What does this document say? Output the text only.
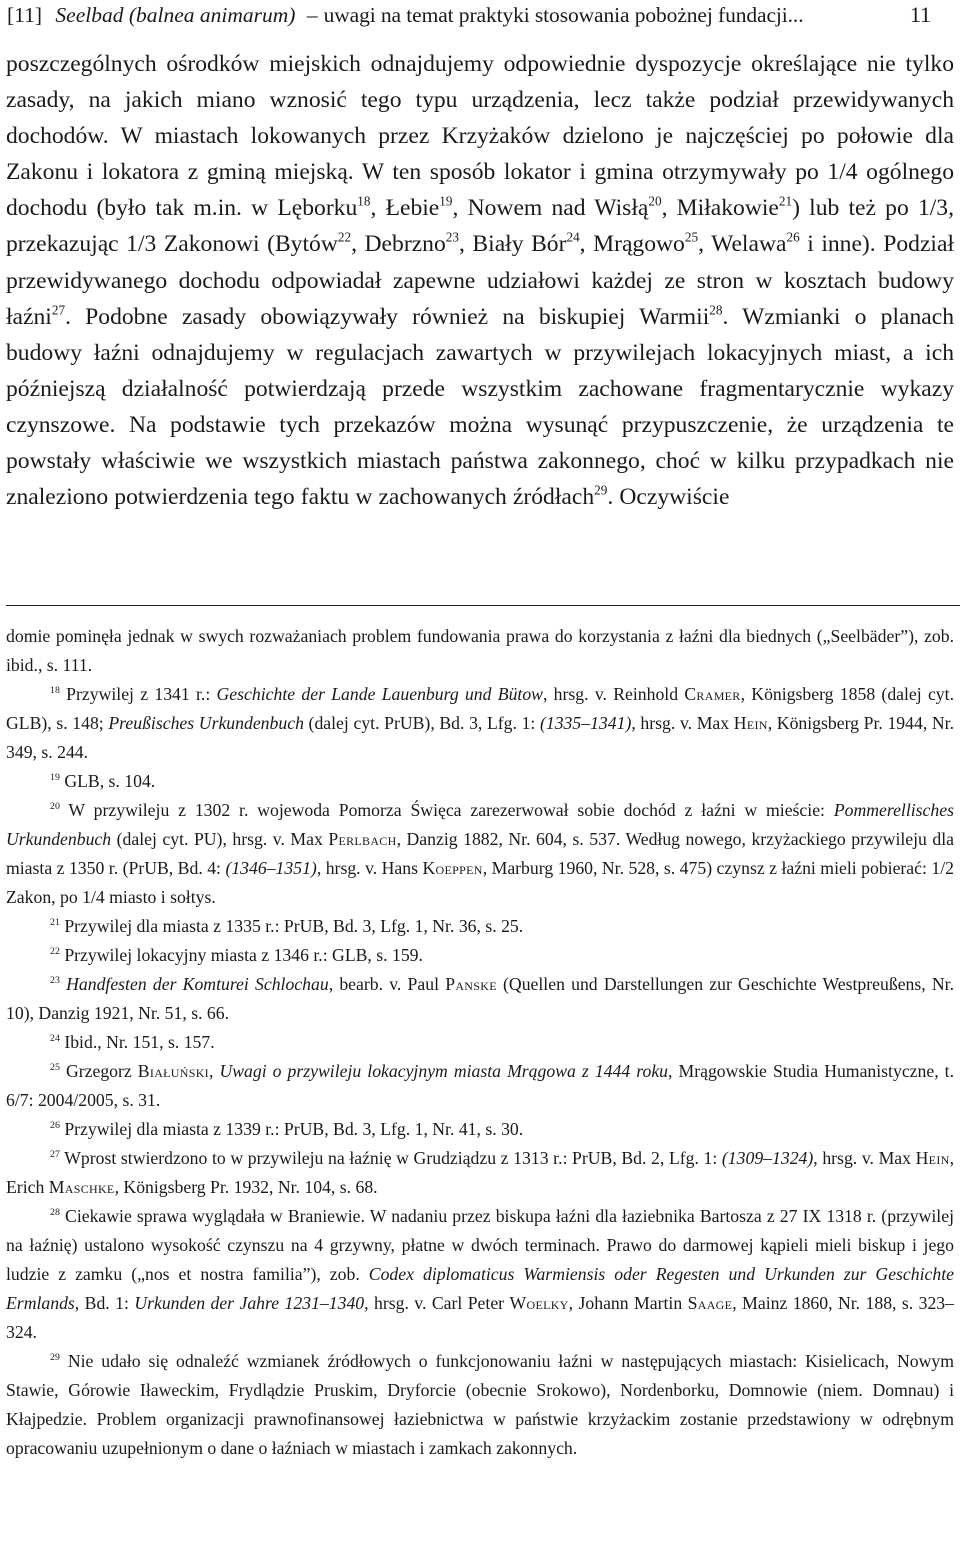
[11] Seelbad (balnea animarum) – uwagi na temat praktyki stosowania pobożnej fundacji...	11
poszczególnych ośrodków miejskich odnajdujemy odpowiednie dyspozycje określające nie tylko zasady, na jakich miano wznosić tego typu urządzenia, lecz także podział przewidywanych dochodów. W miastach lokowanych przez Krzyżaków dzielono je najczęściej po połowie dla Zakonu i lokatora z gminą miejską. W ten sposób lokator i gmina otrzymywały po 1/4 ogólnego dochodu (było tak m.in. w Lęborku$^{18}$, Łebie$^{19}$, Nowem nad Wisłą$^{20}$, Miłakowie$^{21}$) lub też po 1/3, przekazując 1/3 Zakonowi (Bytów$^{22}$, Debrzno$^{23}$, Biały Bór$^{24}$, Mrągowo$^{25}$, Welawa$^{26}$ i inne). Podział przewidywanego dochodu odpowiadał zapewne udziałowi każdej ze stron w kosztach budowy łaźni$^{27}$. Podobne zasady obowiązywały również na biskupiej Warmii$^{28}$. Wzmianki o planach budowy łaźni odnajdujemy w regulacjach zawartych w przywilejach lokacyjnych miast, a ich późniejszą działalność potwierdzają przede wszystkim zachowane fragmentarycznie wykazy czynszowe. Na podstawie tych przekazów można wysunąć przypuszczenie, że urządzenia te powstały właściwie we wszystkich miastach państwa zakonnego, choć w kilku przypadkach nie znaleziono potwierdzenia tego faktu w zachowanych źródłach$^{29}$. Oczywiście

domie pominęła jednak w swych rozważaniach problem fundowania prawa do korzystania z łaźni dla biednych („Seelbäder”), zob. ibid., s. 111.

$^{18}$ Przywilej z 1341 r.: Geschichte der Lande Lauenburg und Bütow, hrsg. v. Reinhold Cramer, Königsberg 1858 (dalej cyt. GLB), s. 148; Preußisches Urkundenbuch (dalej cyt. PrUB), Bd. 3, Lfg. 1: (1335–1341), hrsg. v. Max Hein, Königsberg Pr. 1944, Nr. 349, s. 244.

$^{19}$ GLB, s. 104.

$^{20}$ W przywileju z 1302 r. wojewoda Pomorza Święca zarezerwował sobie dochód z łaźni w mieście: Pommerellisches Urkundenbuch (dalej cyt. PU), hrsg. v. Max Perlbach, Danzig 1882, Nr. 604, s. 537. Według nowego, krzyżackiego przywileju dla miasta z 1350 r. (PrUB, Bd. 4: (1346–1351), hrsg. v. Hans Koeppen, Marburg 1960, Nr. 528, s. 475) czynsz z łaźni mieli pobierać: 1/2 Zakon, po 1/4 miasto i sołtys.

$^{21}$ Przywilej dla miasta z 1335 r.: PrUB, Bd. 3, Lfg. 1, Nr. 36, s. 25.

$^{22}$ Przywilej lokacyjny miasta z 1346 r.: GLB, s. 159.

$^{23}$ Handfesten der Komturei Schlochau, bearb. v. Paul Panske (Quellen und Darstellungen zur Geschichte Westpreußens, Nr. 10), Danzig 1921, Nr. 51, s. 66.

$^{24}$ Ibid., Nr. 151, s. 157.

$^{25}$ Grzegorz Białuński, Uwagi o przywileju lokacyjnym miasta Mrągowa z 1444 roku, Mrągowskie Studia Humanistyczne, t. 6/7: 2004/2005, s. 31.

$^{26}$ Przywilej dla miasta z 1339 r.: PrUB, Bd. 3, Lfg. 1, Nr. 41, s. 30.

$^{27}$ Wprost stwierdzono to w przywileju na łaźnię w Grudziądzu z 1313 r.: PrUB, Bd. 2, Lfg. 1: (1309–1324), hrsg. v. Max Hein, Erich Maschke, Königsberg Pr. 1932, Nr. 104, s. 68.

$^{28}$ Ciekawie sprawa wyglądała w Braniewie. W nadaniu przez biskupa łaźni dla łaziebnika Bartosza z 27 IX 1318 r. (przywilej na łaźnię) ustalono wysokość czynszu na 4 grzywny, płatne w dwóch terminach. Prawo do darmowej kąpieli mieli biskup i jego ludzie z zamku („nos et nostra familia”), zob. Codex diplomaticus Warmiensis oder Regesten und Urkunden zur Geschichte Ermlands, Bd. 1: Urkunden der Jahre 1231–1340, hrsg. v. Carl Peter Woelky, Johann Martin Saage, Mainz 1860, Nr. 188, s. 323–324.

$^{29}$ Nie udało się odnaleźć wzmianek źródłowych o funkcjonowaniu łaźni w następujących miastach: Kisielicach, Nowym Stawie, Górowie Iławeckim, Frydlądzie Pruskim, Dryforcie (obecnie Srokowo), Nordenborku, Domnowie (niem. Domnau) i Kłajpedzie. Problem organizacji prawnofinansowej łaziebnictwa w państwie krzyżackim zostanie przedstawiony w odrębnym opracowaniu uzupełnionym o dane o łaźniach w miastach i zamkach zakonnych.
